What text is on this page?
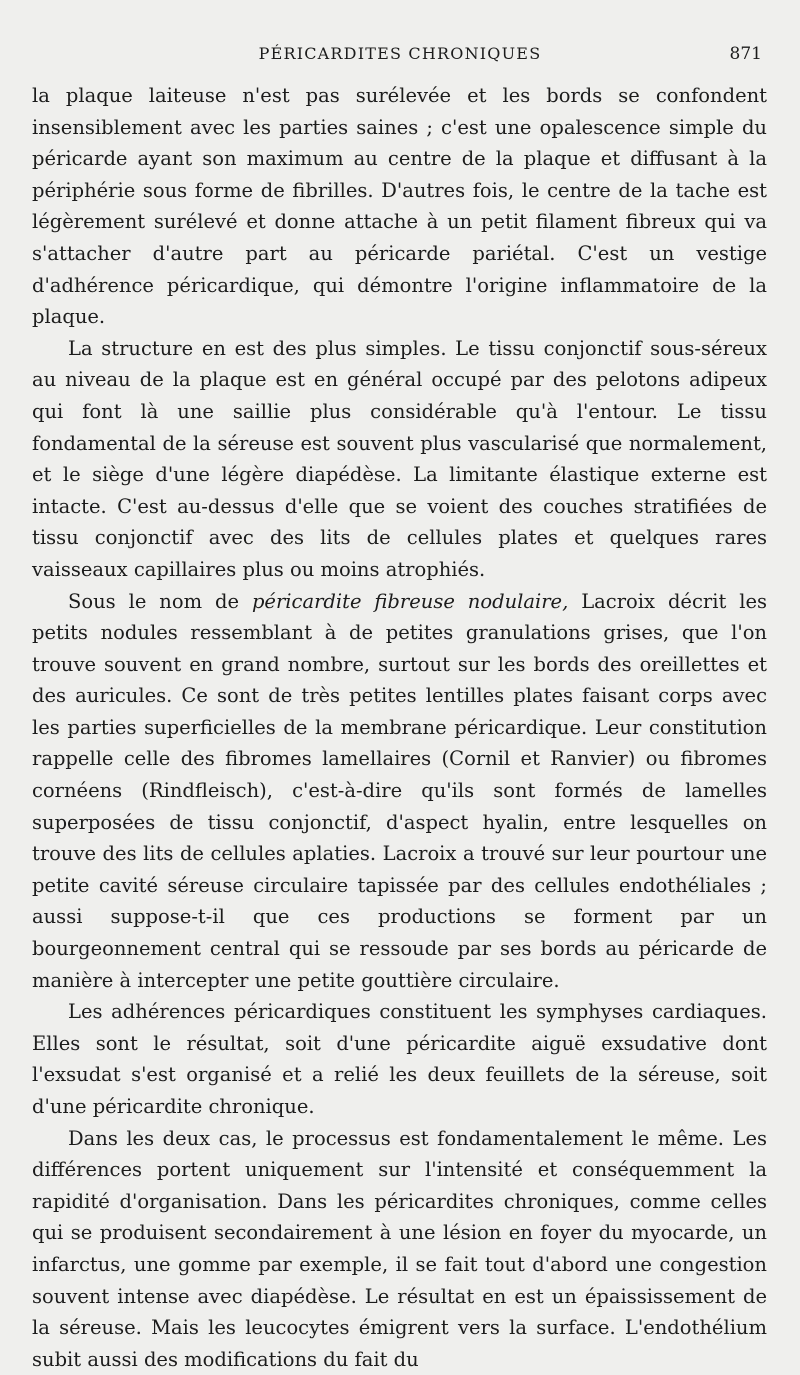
PÉRICARDITES CHRONIQUES	871

la plaque laiteuse n'est pas surélevée et les bords se confondent insensiblement avec les parties saines ; c'est une opalescence simple du péricarde ayant son maximum au centre de la plaque et diffusant à la périphérie sous forme de fibrilles. D'autres fois, le centre de la tache est légèrement surélevé et donne attache à un petit filament fibreux qui va s'attacher d'autre part au péricarde pariétal. C'est un vestige d'adhérence péricardique, qui démontre l'origine inflammatoire de la plaque.

La structure en est des plus simples. Le tissu conjonctif sous-séreux au niveau de la plaque est en général occupé par des pelotons adipeux qui font là une saillie plus considérable qu'à l'entour. Le tissu fondamental de la séreuse est souvent plus vascularisé que normalement, et le siège d'une légère diapédèse. La limitante élastique externe est intacte. C'est au-dessus d'elle que se voient des couches stratifiées de tissu conjonctif avec des lits de cellules plates et quelques rares vaisseaux capillaires plus ou moins atrophiés.

Sous le nom de péricardite fibreuse nodulaire, Lacroix décrit les petits nodules ressemblant à de petites granulations grises, que l'on trouve souvent en grand nombre, surtout sur les bords des oreillettes et des auricules. Ce sont de très petites lentilles plates faisant corps avec les parties superficielles de la membrane péricardique. Leur constitution rappelle celle des fibromes lamellaires (Cornil et Ranvier) ou fibromes cornéens (Rindfleisch), c'est-à-dire qu'ils sont formés de lamelles superposées de tissu conjonctif, d'aspect hyalin, entre lesquelles on trouve des lits de cellules aplaties. Lacroix a trouvé sur leur pourtour une petite cavité séreuse circulaire tapissée par des cellules endothéliales ; aussi suppose-t-il que ces productions se forment par un bourgeonnement central qui se ressoude par ses bords au péricarde de manière à intercepter une petite gouttière circulaire.

Les adhérences péricardiques constituent les symphyses cardiaques. Elles sont le résultat, soit d'une péricardite aiguë exsudative dont l'exsudat s'est organisé et a relié les deux feuillets de la séreuse, soit d'une péricardite chronique.

Dans les deux cas, le processus est fondamentalement le même. Les différences portent uniquement sur l'intensité et conséquemment la rapidité d'organisation. Dans les péricardites chroniques, comme celles qui se produisent secondairement à une lésion en foyer du myocarde, un infarctus, une gomme par exemple, il se fait tout d'abord une congestion souvent intense avec diapédèse. Le résultat en est un épaississement de la séreuse. Mais les leucocytes émigrent vers la surface. L'endothélium subit aussi des modifications du fait du
